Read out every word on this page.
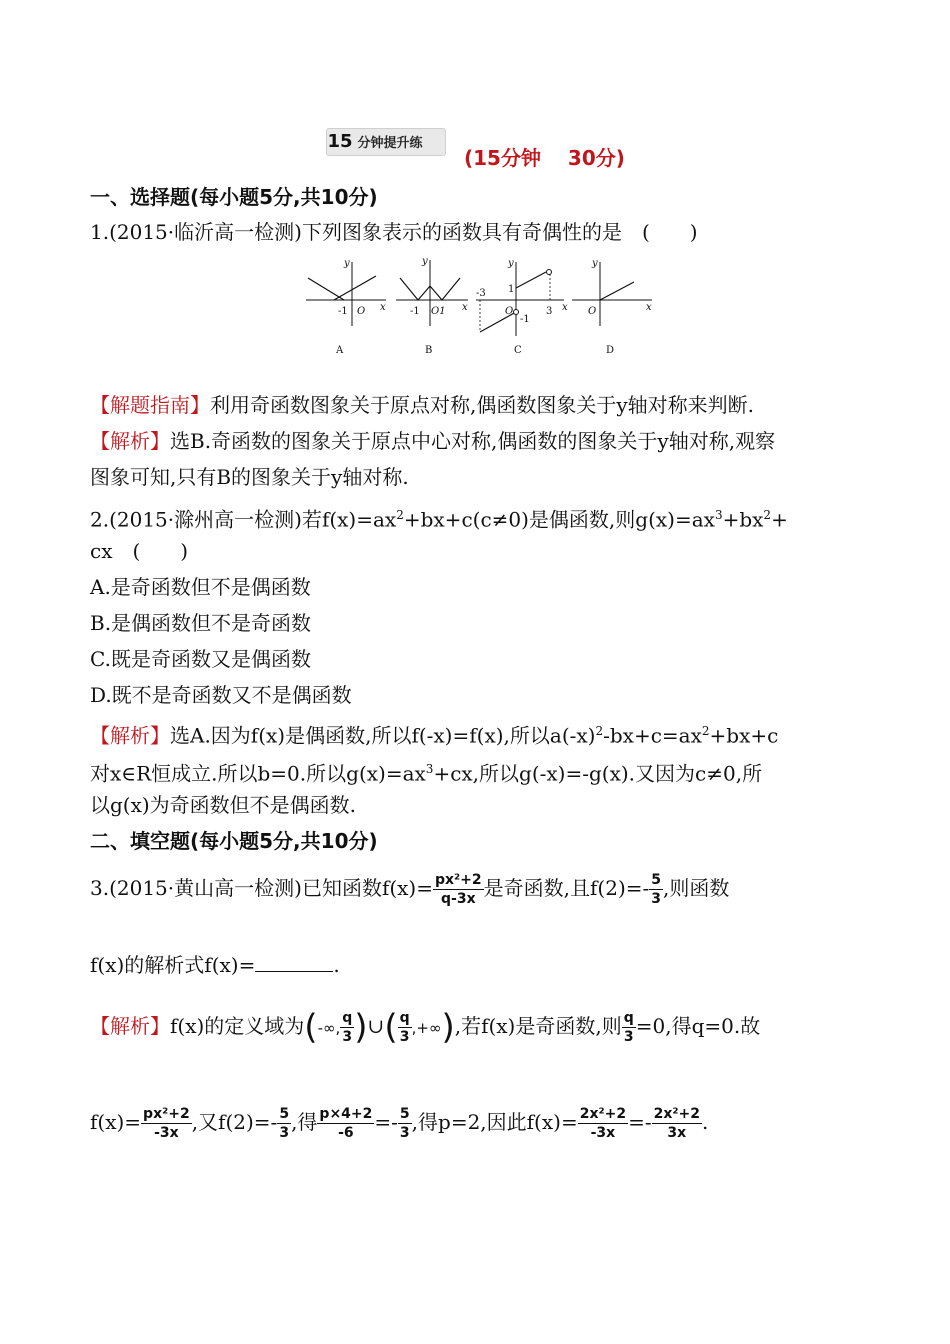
15 分钟提升练
(15分钟　 30分)
一、选择题(每小题5分,共10分)
1.(2015·临沂高一检测)下列图象表示的函数具有奇偶性的是　(　　)
y
x
-1 O
A
y
x
-1 O1
B
y
x
-3 1
O
-1
3
C
y
x
O
D
【解题指南】利用奇函数图象关于原点对称,偶函数图象关于y轴对称来判断.
【解析】选B.奇函数的图象关于原点中心对称,偶函数的图象关于y轴对称,观察
图象可知,只有B的图象关于y轴对称.
2.(2015·滁州高一检测)若$f(x)=ax^2+bx+c(c\ne 0)$是偶函数,则$g(x)=ax^3+bx^2+$
cx　(　　)
A.是奇函数但不是偶函数
B.是偶函数但不是奇函数
C.既是奇函数又是偶函数
D.既不是奇函数又不是偶函数
【解析】选A.因为f(x)是偶函数,所以f(-x)=f(x),所以$a(-x)^2-bx+c=ax^2+bx+c$
对x∈R恒成立.所以b=0.所以$g(x)=ax^3+cx$,所以g(-x)=-g(x).又因为c≠0,所
以g(x)为奇函数但不是偶函数.
二、填空题(每小题5分,共10分)
3.(2015·黄山高一检测)已知函数$f(x)= \frac{\text{px²+2}}{q-3x}$ 是奇函数,且$f(2)=- \frac{5}{3}$ ,则函数
f(x)的解析式f(x)=	.
【解析】f(x)的定义域为(-∞, $\frac{q}{3}$ )∪( $\frac{q}{3}$ ,+∞),若f(x)是奇函数,则 $\frac{q}{3} =0$,得q=0.故
$f(x)= \frac{\text{px²+2}}{-3x}$ ,又$f(2)=- \frac{5}{3}$ ,得 $\frac{p\times 4+2}{-6} =- \frac{5}{3}$ ,得p=2,因此$f(x)= \frac{\text{2x²+2}}{-3x} =- \frac{\text{2x²+2}}{3x}$ .
